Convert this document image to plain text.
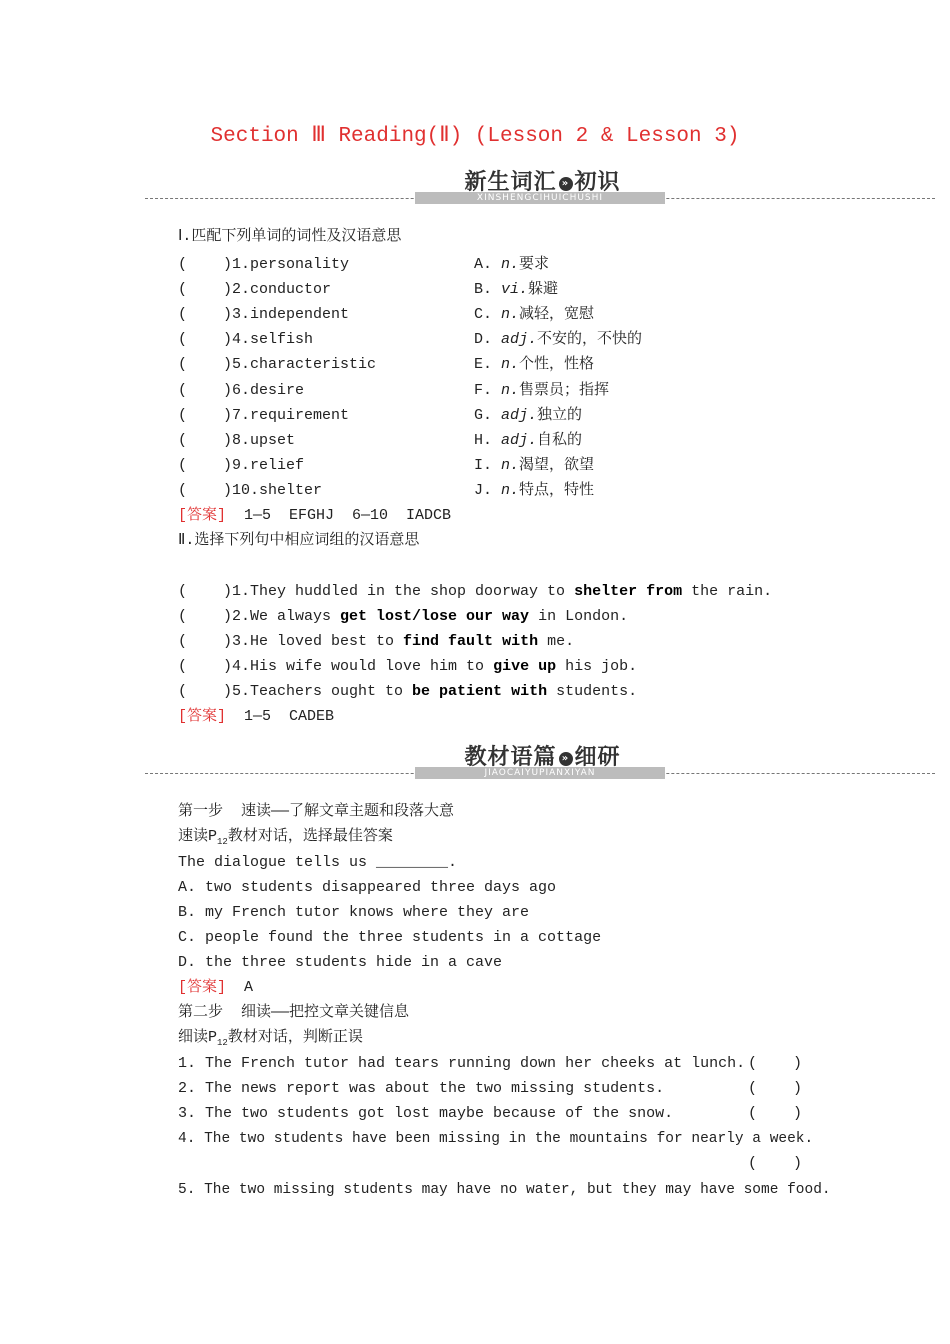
Section Ⅲ Reading(Ⅱ) (Lesson 2 & Lesson 3)
XINSHENGCIHUICHUSHI
新生词汇 » 初识
Ⅰ.匹配下列单词的词性及汉语意思
(    )1.personality
(    )2.conductor
(    )3.independent
(    )4.selfish
(    )5.characteristic
(    )6.desire
(    )7.requirement
(    )8.upset
(    )9.relief
(    )10.shelter
A. n.要求
B. vi.躲避
C. n.减轻，宽慰
D. adj.不安的，不快的
E. n.个性，性格
F. n.售票员；指挥
G. adj.独立的
H. adj.自私的
I. n.渴望，欲望
J. n.特点，特性
[答案]  1—5  EFGHJ  6—10  IADCB
Ⅱ.选择下列句中相应词组的汉语意思
(    )1.They huddled in the shop doorway to shelter from the rain.
(    )2.We always get lost/lose our way in London.
(    )3.He loved best to find fault with me.
(    )4.His wife would love him to give up his job.
(    )5.Teachers ought to be patient with students.
[答案]  1—5  CADEB
JIAOCAIYUPIANXIYAN
教材语篇 » 细研
第一步  速读——了解文章主题和段落大意
速读$P_{12}$教材对话，选择最佳答案
The dialogue tells us ________.
A. two students disappeared three days ago
B. my French tutor knows where they are
C. people found the three students in a cottage
D. the three students hide in a cave
[答案]  A
第二步  细读——把控文章关键信息
细读$P_{12}$教材对话，判断正误
1. The French tutor had tears running down her cheeks at lunch. (    )
2. The news report was about the two missing students.	(    )
3. The two students got lost maybe because of the snow.	(    )
4. The two students have been missing in the mountains for nearly a week.
(    )
5. The two missing students may have no water, but they may have some food.
